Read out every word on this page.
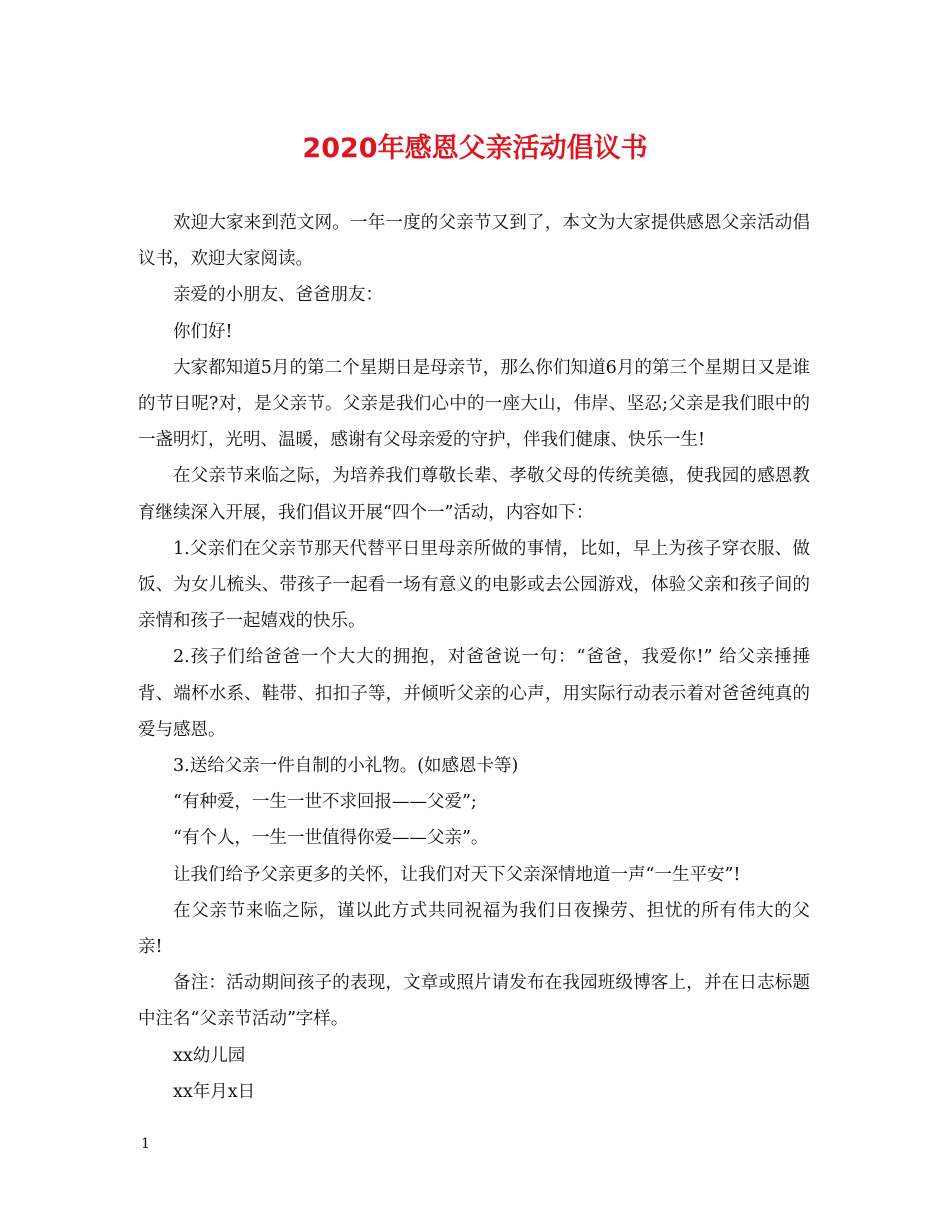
2020年感恩父亲活动倡议书

欢迎大家来到范文网。一年一度的父亲节又到了，本文为大家提供感恩父亲活动倡议书，欢迎大家阅读。

亲爱的小朋友、爸爸朋友：

你们好!

大家都知道5月的第二个星期日是母亲节，那么你们知道6月的第三个星期日又是谁的节日呢?对，是父亲节。父亲是我们心中的一座大山，伟岸、坚忍;父亲是我们眼中的一盏明灯，光明、温暖，感谢有父母亲爱的守护，伴我们健康、快乐一生!

在父亲节来临之际，为培养我们尊敬长辈、孝敬父母的传统美德，使我园的感恩教育继续深入开展，我们倡议开展“四个一”活动，内容如下：

1.父亲们在父亲节那天代替平日里母亲所做的事情，比如，早上为孩子穿衣服、做饭、为女儿梳头、带孩子一起看一场有意义的电影或去公园游戏，体验父亲和孩子间的亲情和孩子一起嬉戏的快乐。

2.孩子们给爸爸一个大大的拥抱，对爸爸说一句：“爸爸，我爱你!” 给父亲捶捶背、端杯水系、鞋带、扣扣子等，并倾听父亲的心声，用实际行动表示着对爸爸纯真的爱与感恩。

3.送给父亲一件自制的小礼物。(如感恩卡等)

“有种爱，一生一世不求回报——父爱”;

“有个人，一生一世值得你爱——父亲”。

让我们给予父亲更多的关怀，让我们对天下父亲深情地道一声“一生平安”!

在父亲节来临之际，谨以此方式共同祝福为我们日夜操劳、担忧的所有伟大的父亲!

备注：活动期间孩子的表现，文章或照片请发布在我园班级博客上，并在日志标题中注名“父亲节活动”字样。

xx幼儿园

xx年月x日

1
